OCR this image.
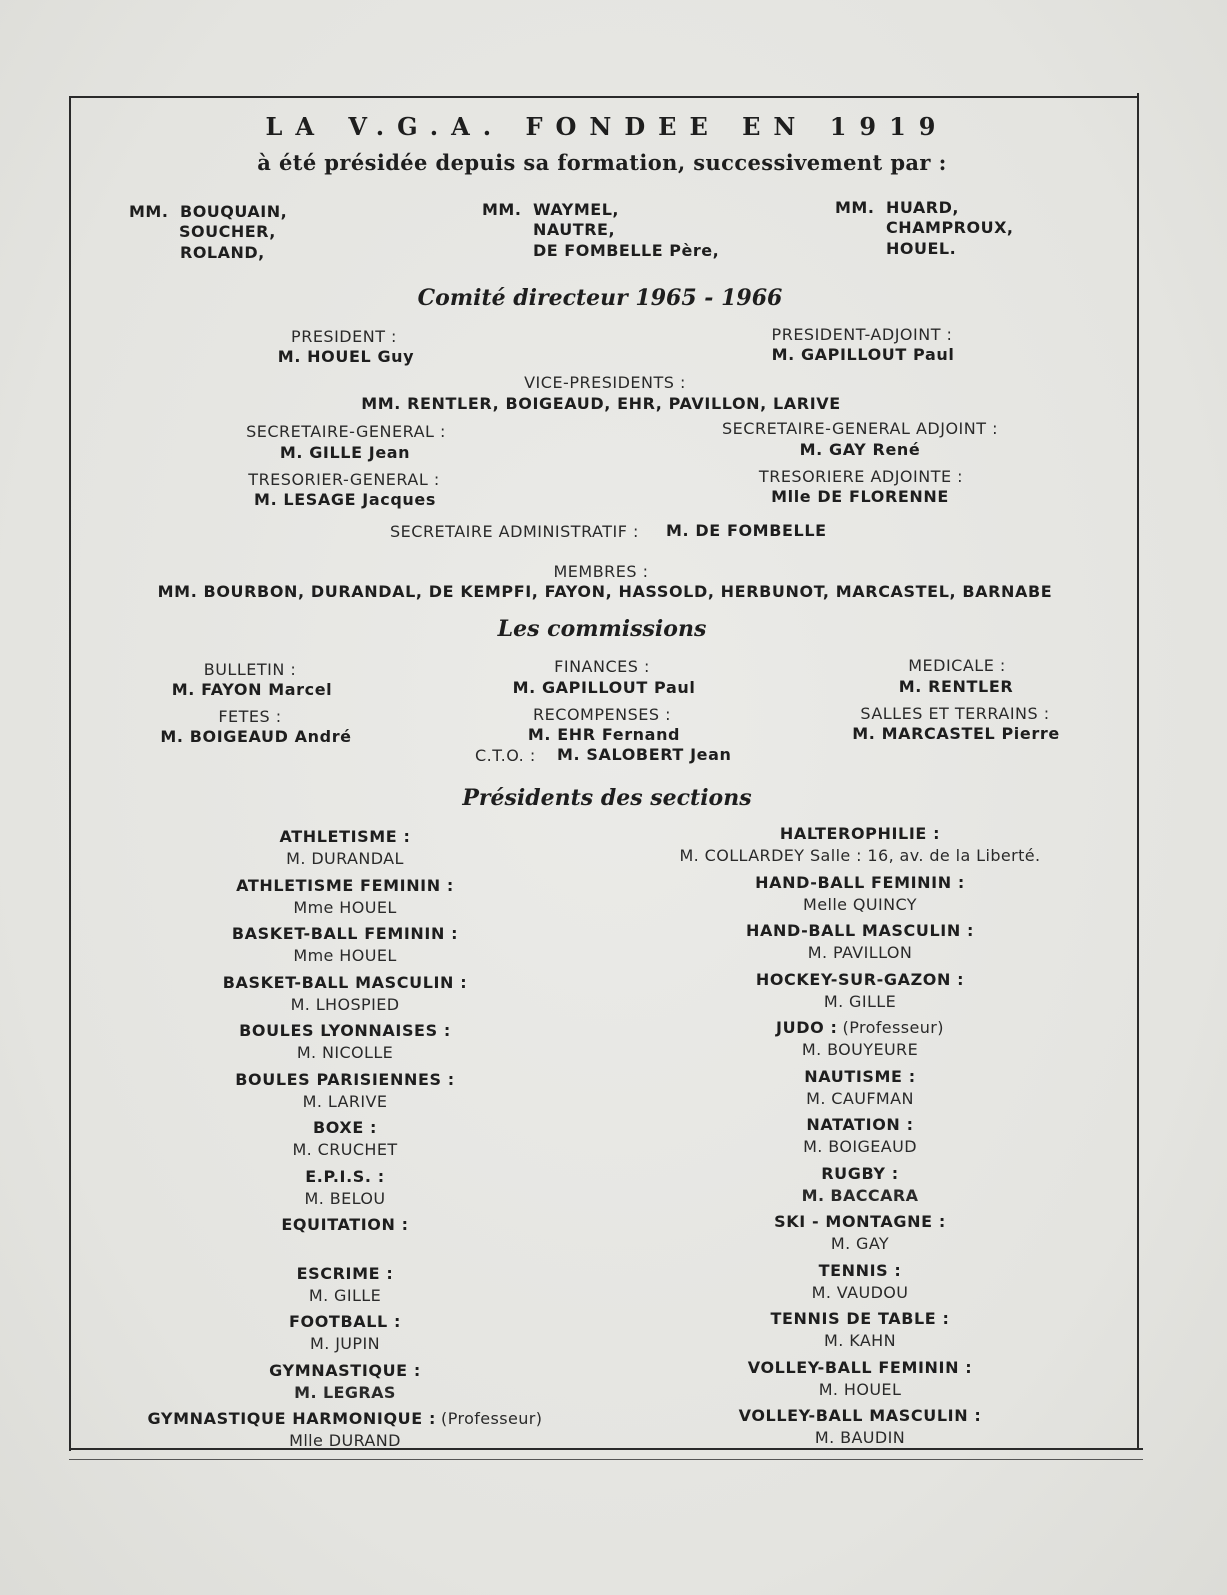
LA V.G.A. FONDEE EN 1919
à été présidée depuis sa formation, successivement par :
MM. BOUQUAIN,
SOUCHER,
ROLAND,
MM. WAYMEL,
NAUTRE,
DE FOMBELLE Père,
MM. HUARD,
CHAMPROUX,
HOUEL.
Comité directeur 1965 - 1966
PRESIDENT :
M. HOUEL Guy
PRESIDENT-ADJOINT :
M. GAPILLOUT Paul
VICE-PRESIDENTS :
MM. RENTLER, BOIGEAUD, EHR, PAVILLON, LARIVE
SECRETAIRE-GENERAL :
M. GILLE Jean
SECRETAIRE-GENERAL ADJOINT :
M. GAY René
TRESORIER-GENERAL :
M. LESAGE Jacques
TRESORIERE ADJOINTE :
Mlle DE FLORENNE
SECRETAIRE ADMINISTRATIF : M. DE FOMBELLE
MEMBRES :
MM. BOURBON, DURANDAL, DE KEMPFI, FAYON, HASSOLD, HERBUNOT, MARCASTEL, BARNABE
Les commissions
BULLETIN :
M. FAYON Marcel
FETES :
M. BOIGEAUD André
FINANCES :
M. GAPILLOUT Paul
RECOMPENSES :
M. EHR Fernand
C.T.O. : M. SALOBERT Jean
MEDICALE :
M. RENTLER
SALLES ET TERRAINS :
M. MARCASTEL Pierre
Présidents des sections
ATHLETISME :
M. DURANDAL
ATHLETISME FEMININ :
Mme HOUEL
BASKET-BALL FEMININ :
Mme HOUEL
BASKET-BALL MASCULIN :
M. LHOSPIED
BOULES LYONNAISES :
M. NICOLLE
BOULES PARISIENNES :
M. LARIVE
BOXE :
M. CRUCHET
E.P.I.S. :
M. BELOU
EQUITATION :
ESCRIME :
M. GILLE
FOOTBALL :
M. JUPIN
GYMNASTIQUE :
M. LEGRAS
GYMNASTIQUE HARMONIQUE : (Professeur)
Mlle DURAND
HALTEROPHILIE :
M. COLLARDEY Salle : 16, av. de la Liberté.
HAND-BALL FEMININ :
Melle QUINCY
HAND-BALL MASCULIN :
M. PAVILLON
HOCKEY-SUR-GAZON :
M. GILLE
JUDO : (Professeur)
M. BOUYEURE
NAUTISME :
M. CAUFMAN
NATATION :
M. BOIGEAUD
RUGBY :
M. BACCARA
SKI - MONTAGNE :
M. GAY
TENNIS :
M. VAUDOU
TENNIS DE TABLE :
M. KAHN
VOLLEY-BALL FEMININ :
M. HOUEL
VOLLEY-BALL MASCULIN :
M. BAUDIN
